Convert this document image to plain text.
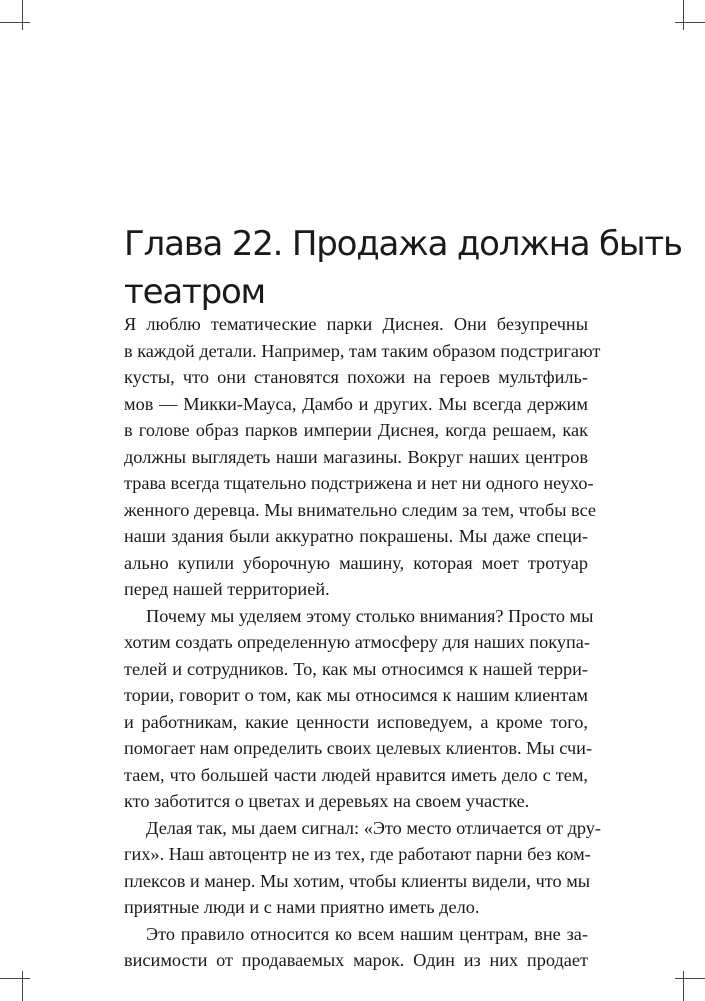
Глава 22. Продажа должна быть
театром
Я люблю тематические парки Диснея. Они безупречны
в каждой детали. Например, там таким образом подстригают
кусты, что они становятся похожи на героев мультфиль-
мов — Микки-Мауса, Дамбо и других. Мы всегда держим
в голове образ парков империи Диснея, когда решаем, как
должны выглядеть наши магазины. Вокруг наших центров
трава всегда тщательно подстрижена и нет ни одного неухо-
женного деревца. Мы внимательно следим за тем, чтобы все
наши здания были аккуратно покрашены. Мы даже специ-
ально купили уборочную машину, которая моет тротуар
перед нашей территорией.
Почему мы уделяем этому столько внимания? Просто мы
хотим создать определенную атмосферу для наших покупа-
телей и сотрудников. То, как мы относимся к нашей терри-
тории, говорит о том, как мы относимся к нашим клиентам
и работникам, какие ценности исповедуем, а кроме того,
помогает нам определить своих целевых клиентов. Мы счи-
таем, что большей части людей нравится иметь дело с тем,
кто заботится о цветах и деревьях на своем участке.
Делая так, мы даем сигнал: «Это место отличается от дру-
гих». Наш автоцентр не из тех, где работают парни без ком-
плексов и манер. Мы хотим, чтобы клиенты видели, что мы
приятные люди и с нами приятно иметь дело.
Это правило относится ко всем нашим центрам, вне за-
висимости от продаваемых марок. Один из них продает
